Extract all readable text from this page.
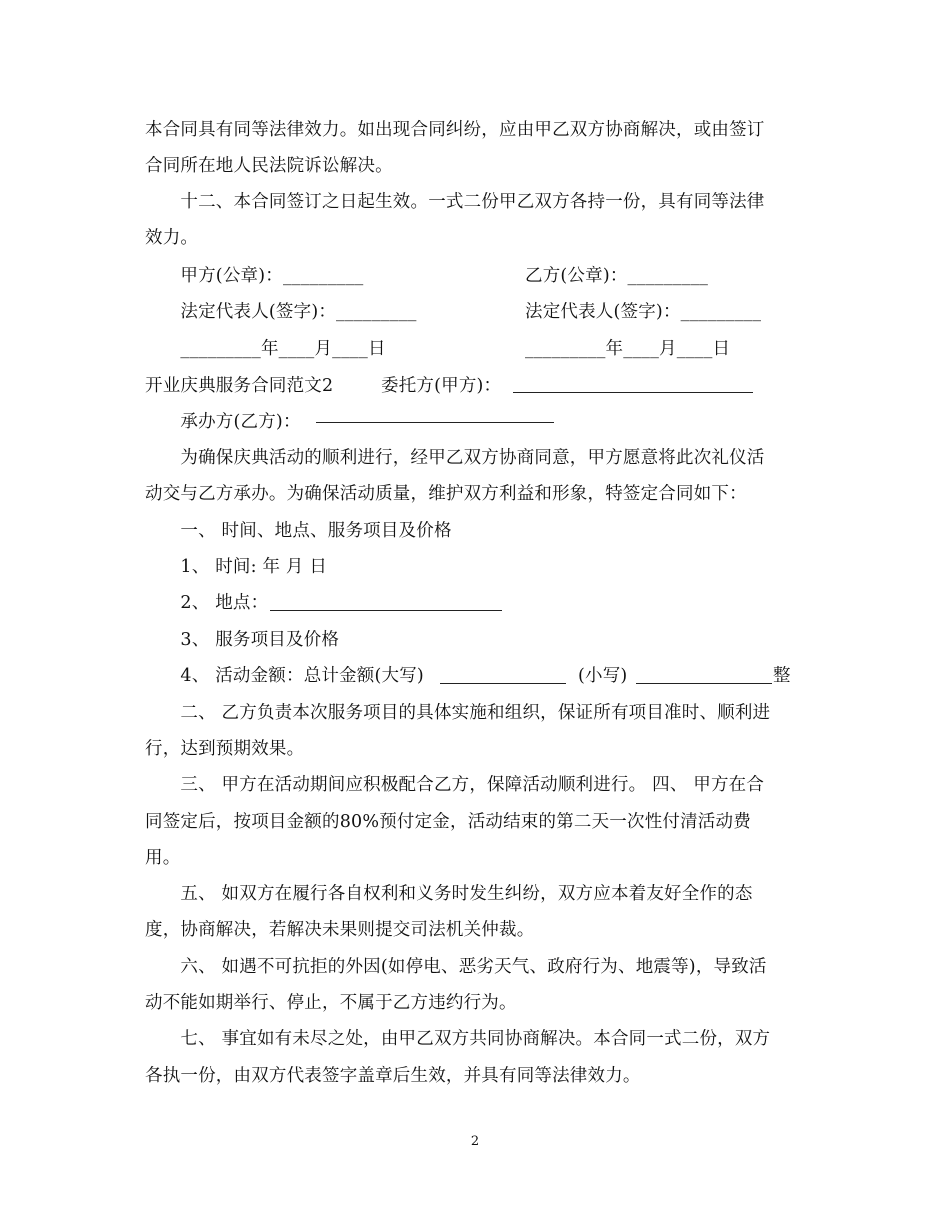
本合同具有同等法律效力。如出现合同纠纷，应由甲乙双方协商解决，或由签订
合同所在地人民法院诉讼解决。
　　十二、本合同签订之日起生效。一式二份甲乙双方各持一份，具有同等法律
效力。
　　甲方(公章)：_________	乙方(公章)：_________
　　法定代表人(签字)：_________	法定代表人(签字)：_________
　　_________年____月____日	_________年____月____日
开业庆典服务合同范文2	委托方(甲方)：
　　承办方(乙方)：
　　为确保庆典活动的顺利进行，经甲乙双方协商同意，甲方愿意将此次礼仪活
动交与乙方承办。为确保活动质量，维护双方利益和形象，特签定合同如下：
　　一、 时间、地点、服务项目及价格
　　1、 时间: 年 月 日
　　2、 地点：
　　3、 服务项目及价格
　　4、 活动金额：总计金额(大写)	(小写)	整
　　二、 乙方负责本次服务项目的具体实施和组织，保证所有项目准时、顺利进
行，达到预期效果。
　　三、 甲方在活动期间应积极配合乙方，保障活动顺利进行。 四、 甲方在合
同签定后，按项目金额的80%预付定金，活动结束的第二天一次性付清活动费
用。
　　五、 如双方在履行各自权利和义务时发生纠纷，双方应本着友好全作的态
度，协商解决，若解决未果则提交司法机关仲裁。
　　六、 如遇不可抗拒的外因(如停电、恶劣天气、政府行为、地震等)，导致活
动不能如期举行、停止，不属于乙方违约行为。
　　七、 事宜如有未尽之处，由甲乙双方共同协商解决。本合同一式二份，双方
各执一份，由双方代表签字盖章后生效，并具有同等法律效力。
2
